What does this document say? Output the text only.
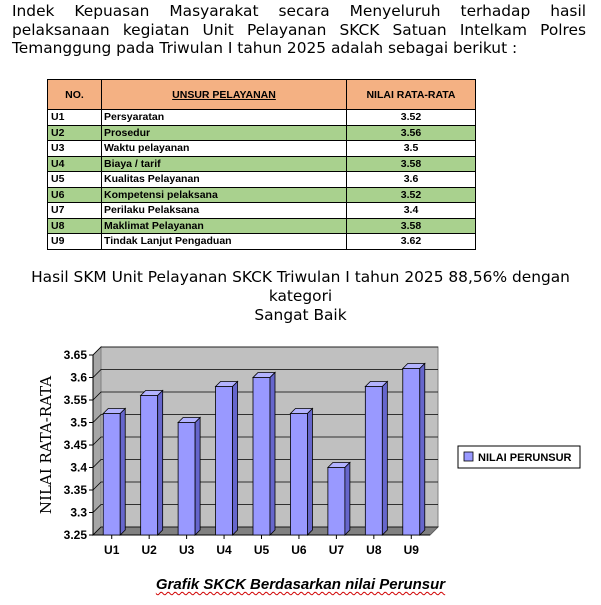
Indek Kepuasan Masyarakat secara Menyeluruh terhadap hasil pelaksanaan kegiatan Unit Pelayanan SKCK Satuan Intelkam Polres Temanggung pada Triwulan I tahun 2025 adalah sebagai berikut :
NO.	UNSUR PELAYANAN	NILAI RATA-RATA
U1	Persyaratan	3.52
U2	Prosedur	3.56
U3	Waktu pelayanan	3.5
U4	Biaya / tarif	3.58
U5	Kualitas Pelayanan	3.6
U6	Kompetensi pelaksana	3.52
U7	Perilaku Pelaksana	3.4
U8	Maklimat Pelayanan	3.58
U9	Tindak Lanjut Pengaduan	3.62
Hasil SKM Unit Pelayanan SKCK Triwulan I tahun 2025 88,56% dengan kategori
Sangat Baik
3.25
3.3
3.35
3.4
3.45
3.5
3.55
3.6
3.65
U1 U2 U3 U4 U5 U6 U7 U8 U9
NILAI RATA-RATA	NILAI PERUNSUR
Grafik SKCK Berdasarkan nilai Perunsur
